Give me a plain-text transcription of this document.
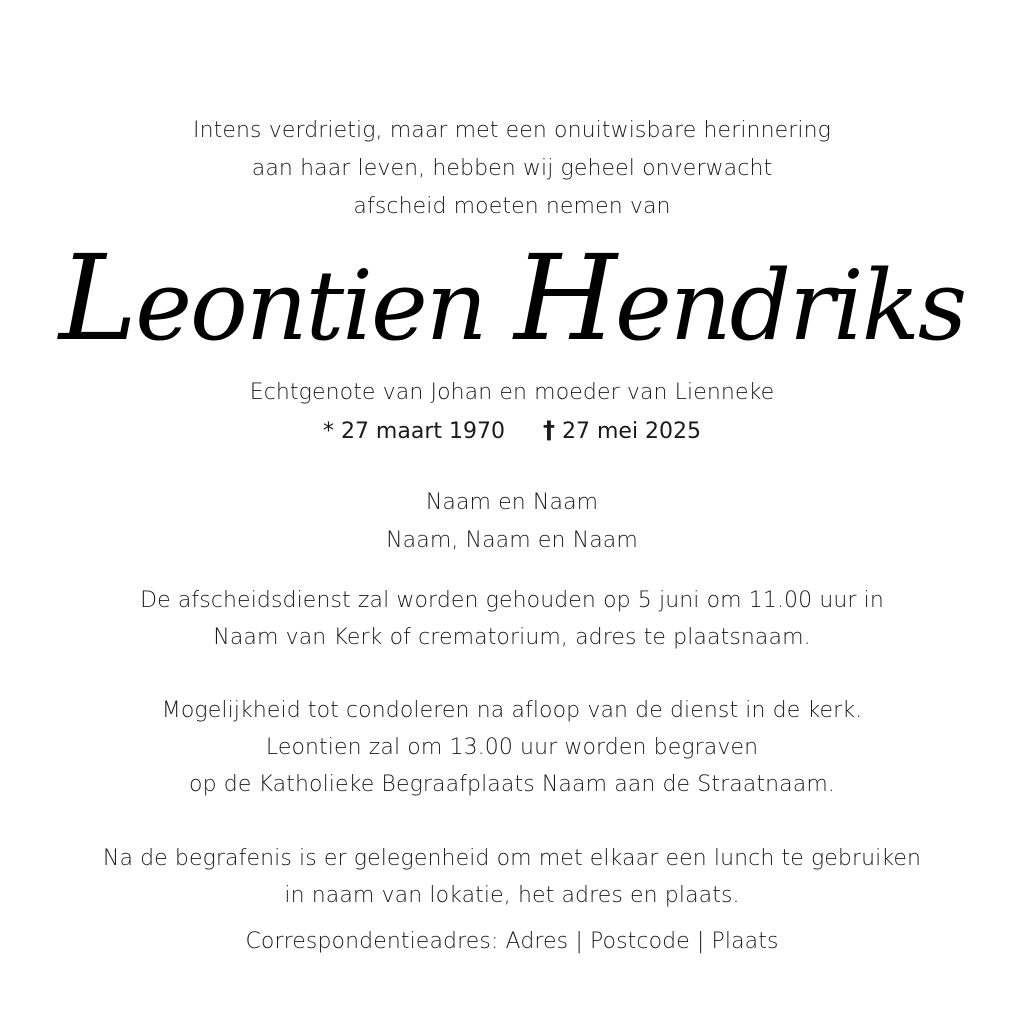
Intens verdrietig, maar met een onuitwisbare herinnering
aan haar leven, hebben wij geheel onverwacht
afscheid moeten nemen van
Leontien Hendriks
Echtgenote van Johan en moeder van Lienneke
* 27 maart 1970 † 27 mei 2025
Naam en Naam
Naam, Naam en Naam
De afscheidsdienst zal worden gehouden op 5 juni om 11.00 uur in
Naam van Kerk of crematorium, adres te plaatsnaam.
Mogelijkheid tot condoleren na afloop van de dienst in de kerk.
Leontien zal om 13.00 uur worden begraven
op de Katholieke Begraafplaats Naam aan de Straatnaam.
Na de begrafenis is er gelegenheid om met elkaar een lunch te gebruiken
in naam van lokatie, het adres en plaats.
Correspondentieadres: Adres | Postcode | Plaats
